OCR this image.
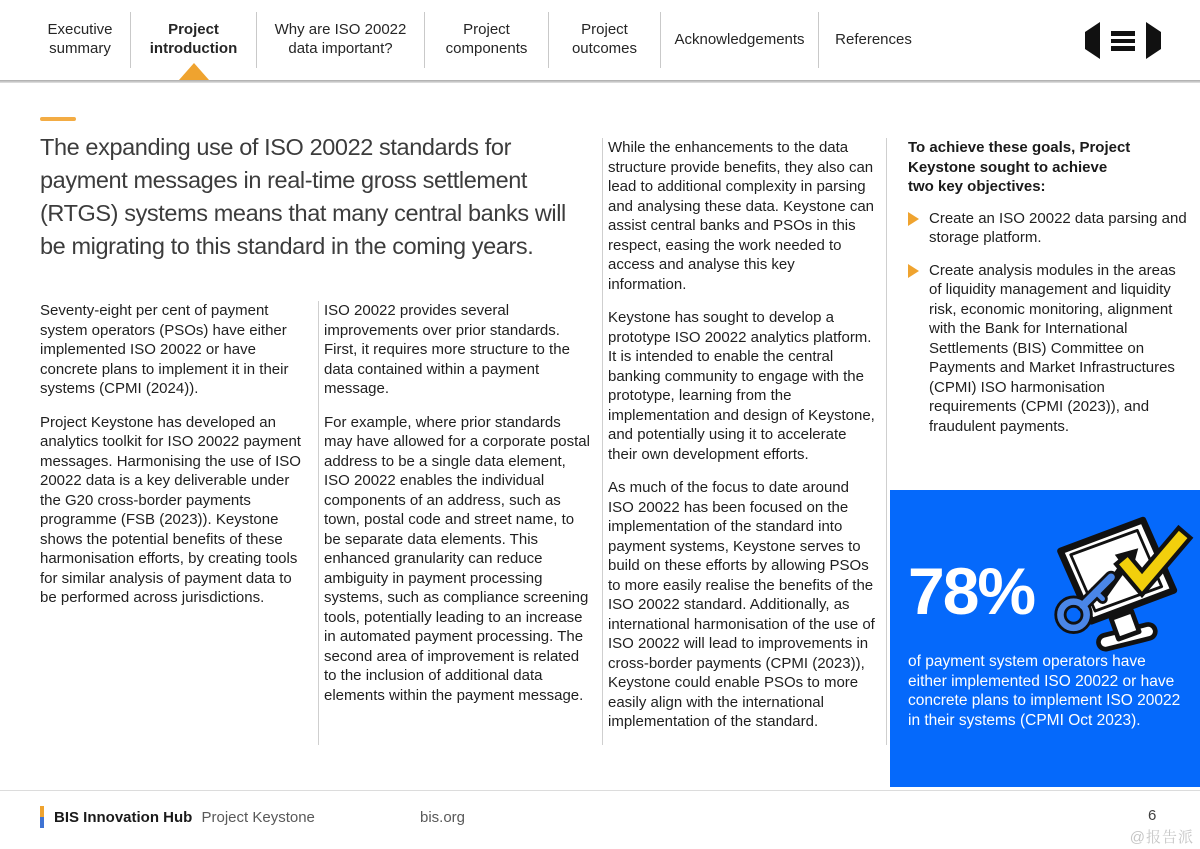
Executive summary
Project introduction
Why are ISO 20022 data important?
Project components
Project outcomes
Acknowledgements	References
The expanding use of ISO 20022 standards for
payment messages in real-time gross settlement
(RTGS) systems means that many central banks will
be migrating to this standard in the coming years.

Seventy-eight per cent of payment system operators (PSOs) have either implemented ISO 20022 or have concrete plans to implement it in their systems (CPMI (2024)).

Project Keystone has developed an analytics toolkit for ISO 20022 payment messages. Harmonising the use of ISO 20022 data is a key deliverable under the G20 cross-border payments programme (FSB (2023)). Keystone shows the potential benefits of these harmonisation efforts, by creating tools for similar analysis of payment data to be performed across jurisdictions.

ISO 20022 provides several improvements over prior standards. First, it requires more structure to the data contained within a payment message.

For example, where prior standards may have allowed for a corporate postal address to be a single data element, ISO 20022 enables the individual components of an address, such as town, postal code and street name, to be separate data elements. This enhanced granularity can reduce ambiguity in payment processing systems, such as compliance screening tools, potentially leading to an increase in automated payment processing. The second area of improvement is related to the inclusion of additional data elements within the payment message.

While the enhancements to the data structure provide benefits, they also can lead to additional complexity in parsing and analysing these data. Keystone can assist central banks and PSOs in this respect, easing the work needed to access and analyse this key information.

Keystone has sought to develop a prototype ISO 20022 analytics platform. It is intended to enable the central banking community to engage with the prototype, learning from the implementation and design of Keystone, and potentially using it to accelerate their own development efforts.

As much of the focus to date around ISO 20022 has been focused on the implementation of the standard into payment systems, Keystone serves to build on these efforts by allowing PSOs to more easily realise the benefits of the ISO 20022 standard. Additionally, as international harmonisation of the use of ISO 20022 will lead to improvements in cross-border payments (CPMI (2023)), Keystone could enable PSOs to more easily align with the international implementation of the standard.

To achieve these goals, Project Keystone sought to achieve two key objectives:
Create an ISO 20022 data parsing and storage platform.
Create analysis modules in the areas of liquidity management and liquidity risk, economic monitoring, alignment with the Bank for International Settlements (BIS) Committee on Payments and Market Infrastructures (CPMI) ISO harmonisation requirements (CPMI (2023)), and fraudulent payments.
78%
of payment system operators have either implemented ISO 20022 or have concrete plans to implement ISO 20022 in their systems (CPMI Oct 2023).
BIS Innovation Hub Project Keystone	bis.org	6
@报告派
